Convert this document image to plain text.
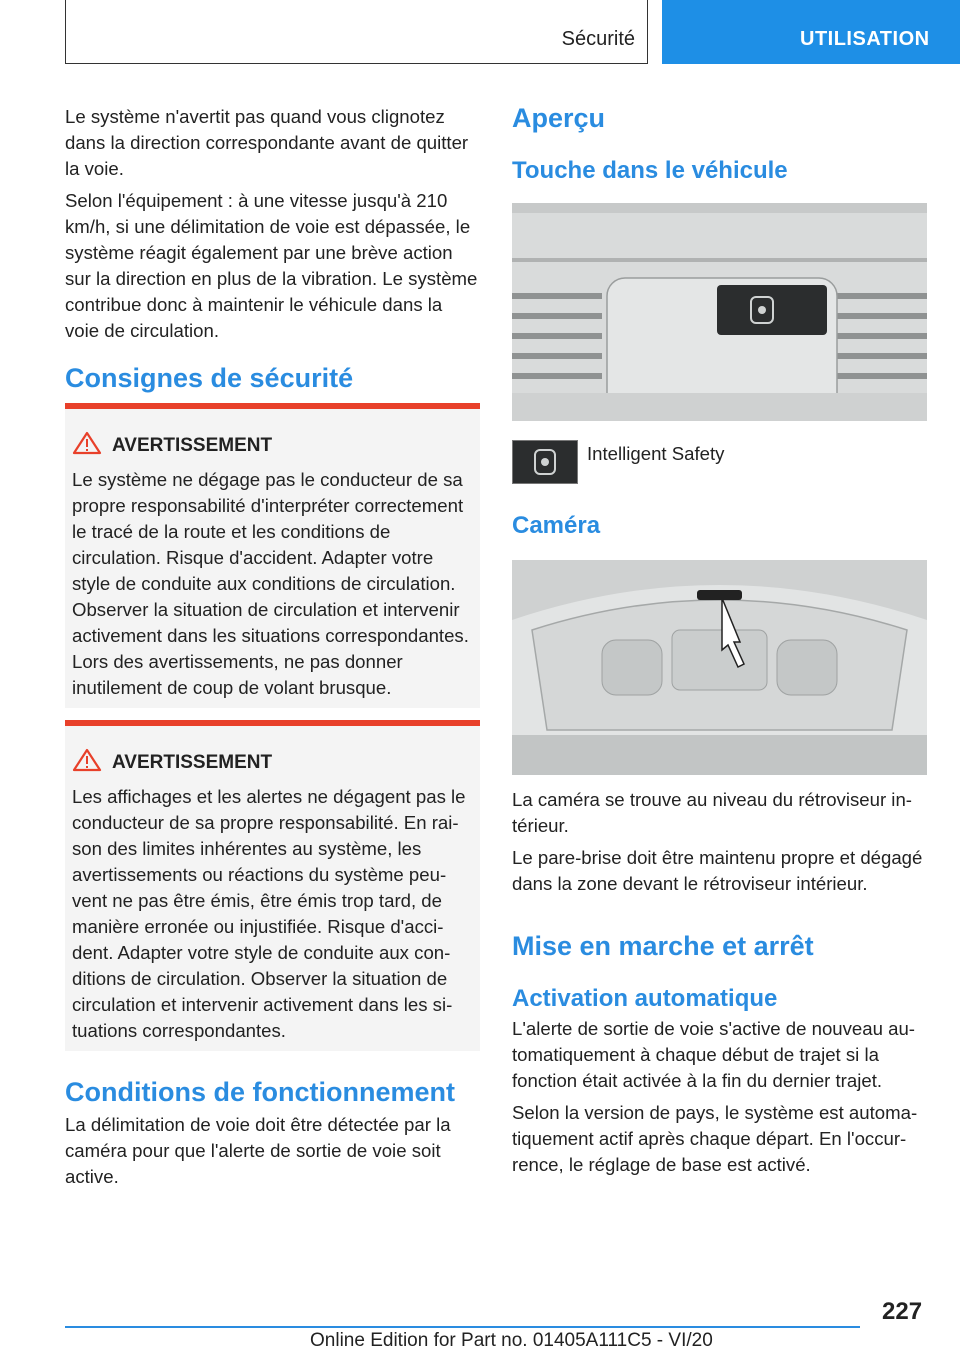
Sécurité	UTILISATION

Le système n'avertit pas quand vous clignotez dans la direction correspondante avant de quitter la voie.

Selon l'équipement : à une vitesse jusqu'à 210 km/h, si une délimitation de voie est dépassée, le système réagit également par une brève action sur la direction en plus de la vibration. Le système contribue donc à maintenir le véhicule dans la voie de circulation.

Consignes de sécurité
AVERTISSEMENT

Le système ne dégage pas le conducteur de sa propre responsabilité d'interpréter correctement le tracé de la route et les conditions de circulation. Risque d'accident. Adapter votre style de conduite aux conditions de circulation. Observer la situation de circulation et intervenir activement dans les situations correspondantes. Lors des avertissements, ne pas donner inutilement de coup de volant brusque.

AVERTISSEMENT

Les affichages et les alertes ne dégagent pas le conducteur de sa propre responsabilité. En raison des limites inhérentes au système, les avertissements ou réactions du système peuvent ne pas être émis, être émis trop tard, de manière erronée ou injustifiée. Risque d'accident. Adapter votre style de conduite aux conditions de circulation. Observer la situation de circulation et intervenir activement dans les situations correspondantes.

Conditions de fonctionnement

La délimitation de voie doit être détectée par la caméra pour que l'alerte de sortie de voie soit active.

Aperçu
Touche dans le véhicule

Intelligent Safety

Caméra

La caméra se trouve au niveau du rétroviseur intérieur.

Le pare-brise doit être maintenu propre et dégagé dans la zone devant le rétroviseur intérieur.

Mise en marche et arrêt
Activation automatique

L'alerte de sortie de voie s'active de nouveau automatiquement à chaque début de trajet si la fonction était activée à la fin du dernier trajet.

Selon la version de pays, le système est automatiquement actif après chaque départ. En l'occurrence, le réglage de base est activé.

227
Online Edition for Part no. 01405A111C5 - VI/20
